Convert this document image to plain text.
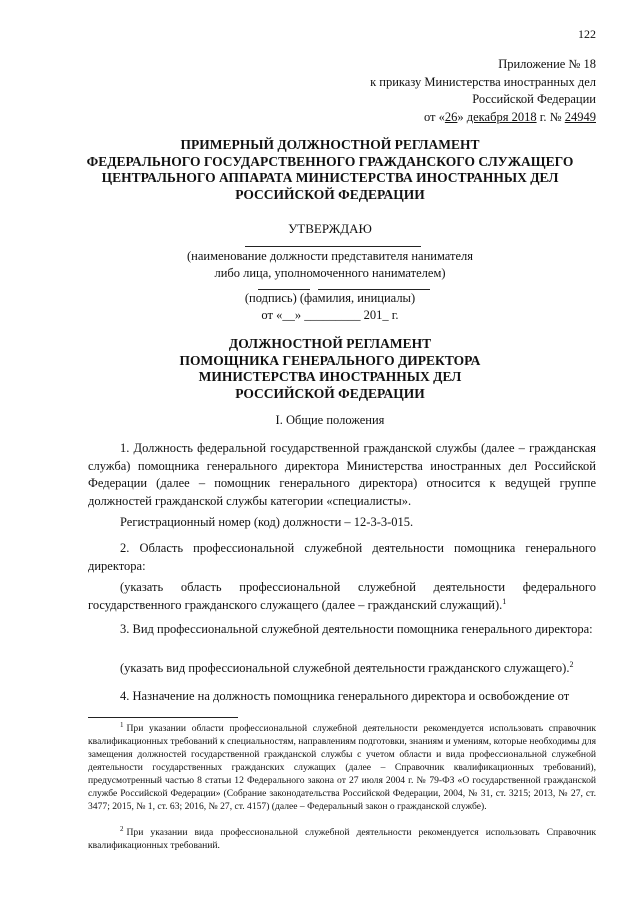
122
Приложение № 18
к приказу Министерства иностранных дел
Российской Федерации
от «26» декабря 2018 г. № 24949
ПРИМЕРНЫЙ ДОЛЖНОСТНОЙ РЕГЛАМЕНТ
ФЕДЕРАЛЬНОГО ГОСУДАРСТВЕННОГО ГРАЖДАНСКОГО СЛУЖАЩЕГО
ЦЕНТРАЛЬНОГО АППАРАТА МИНИСТЕРСТВА ИНОСТРАННЫХ ДЕЛ
РОССИЙСКОЙ ФЕДЕРАЦИИ
УТВЕРЖДАЮ
(наименование должности представителя нанимателя
либо лица, уполномоченного нанимателем)
(подпись) (фамилия, инициалы)
от «__» _________ 201_ г.
ДОЛЖНОСТНОЙ РЕГЛАМЕНТ
ПОМОЩНИКА ГЕНЕРАЛЬНОГО ДИРЕКТОРА
МИНИСТЕРСТВА ИНОСТРАННЫХ ДЕЛ
РОССИЙСКОЙ ФЕДЕРАЦИИ
I. Общие положения
1. Должность федеральной государственной гражданской службы (далее – гражданская служба) помощника генерального директора Министерства иностранных дел Российской Федерации (далее – помощник генерального директора) относится к ведущей группе должностей гражданской службы категории «специалисты».
Регистрационный номер (код) должности – 12-3-3-015.
2. Область профессиональной служебной деятельности помощника генерального директора:
(указать область профессиональной служебной деятельности федерального государственного гражданского служащего (далее – гражданский служащий).$^1$
3. Вид профессиональной служебной деятельности помощника генерального директора:
(указать вид профессиональной служебной деятельности гражданского служащего).$^2$
4. Назначение на должность помощника генерального директора и освобождение от
$^1$ При указании области профессиональной служебной деятельности рекомендуется использовать справочник квалификационных требований к специальностям, направлениям подготовки, знаниям и умениям, которые необходимы для замещения должностей государственной гражданской службы с учетом области и вида профессиональной служебной деятельности государственных гражданских служащих (далее – Справочник квалификационных требований), предусмотренный частью 8 статьи 12 Федерального закона от 27 июля 2004 г. № 79-ФЗ «О государственной гражданской службе Российской Федерации» (Собрание законодательства Российской Федерации, 2004, № 31, ст. 3215; 2013, № 27, ст. 3477; 2015, № 1, ст. 63; 2016, № 27, ст. 4157) (далее – Федеральный закон о гражданской службе).
$^2$ При указании вида профессиональной служебной деятельности рекомендуется использовать Справочник квалификационных требований.
